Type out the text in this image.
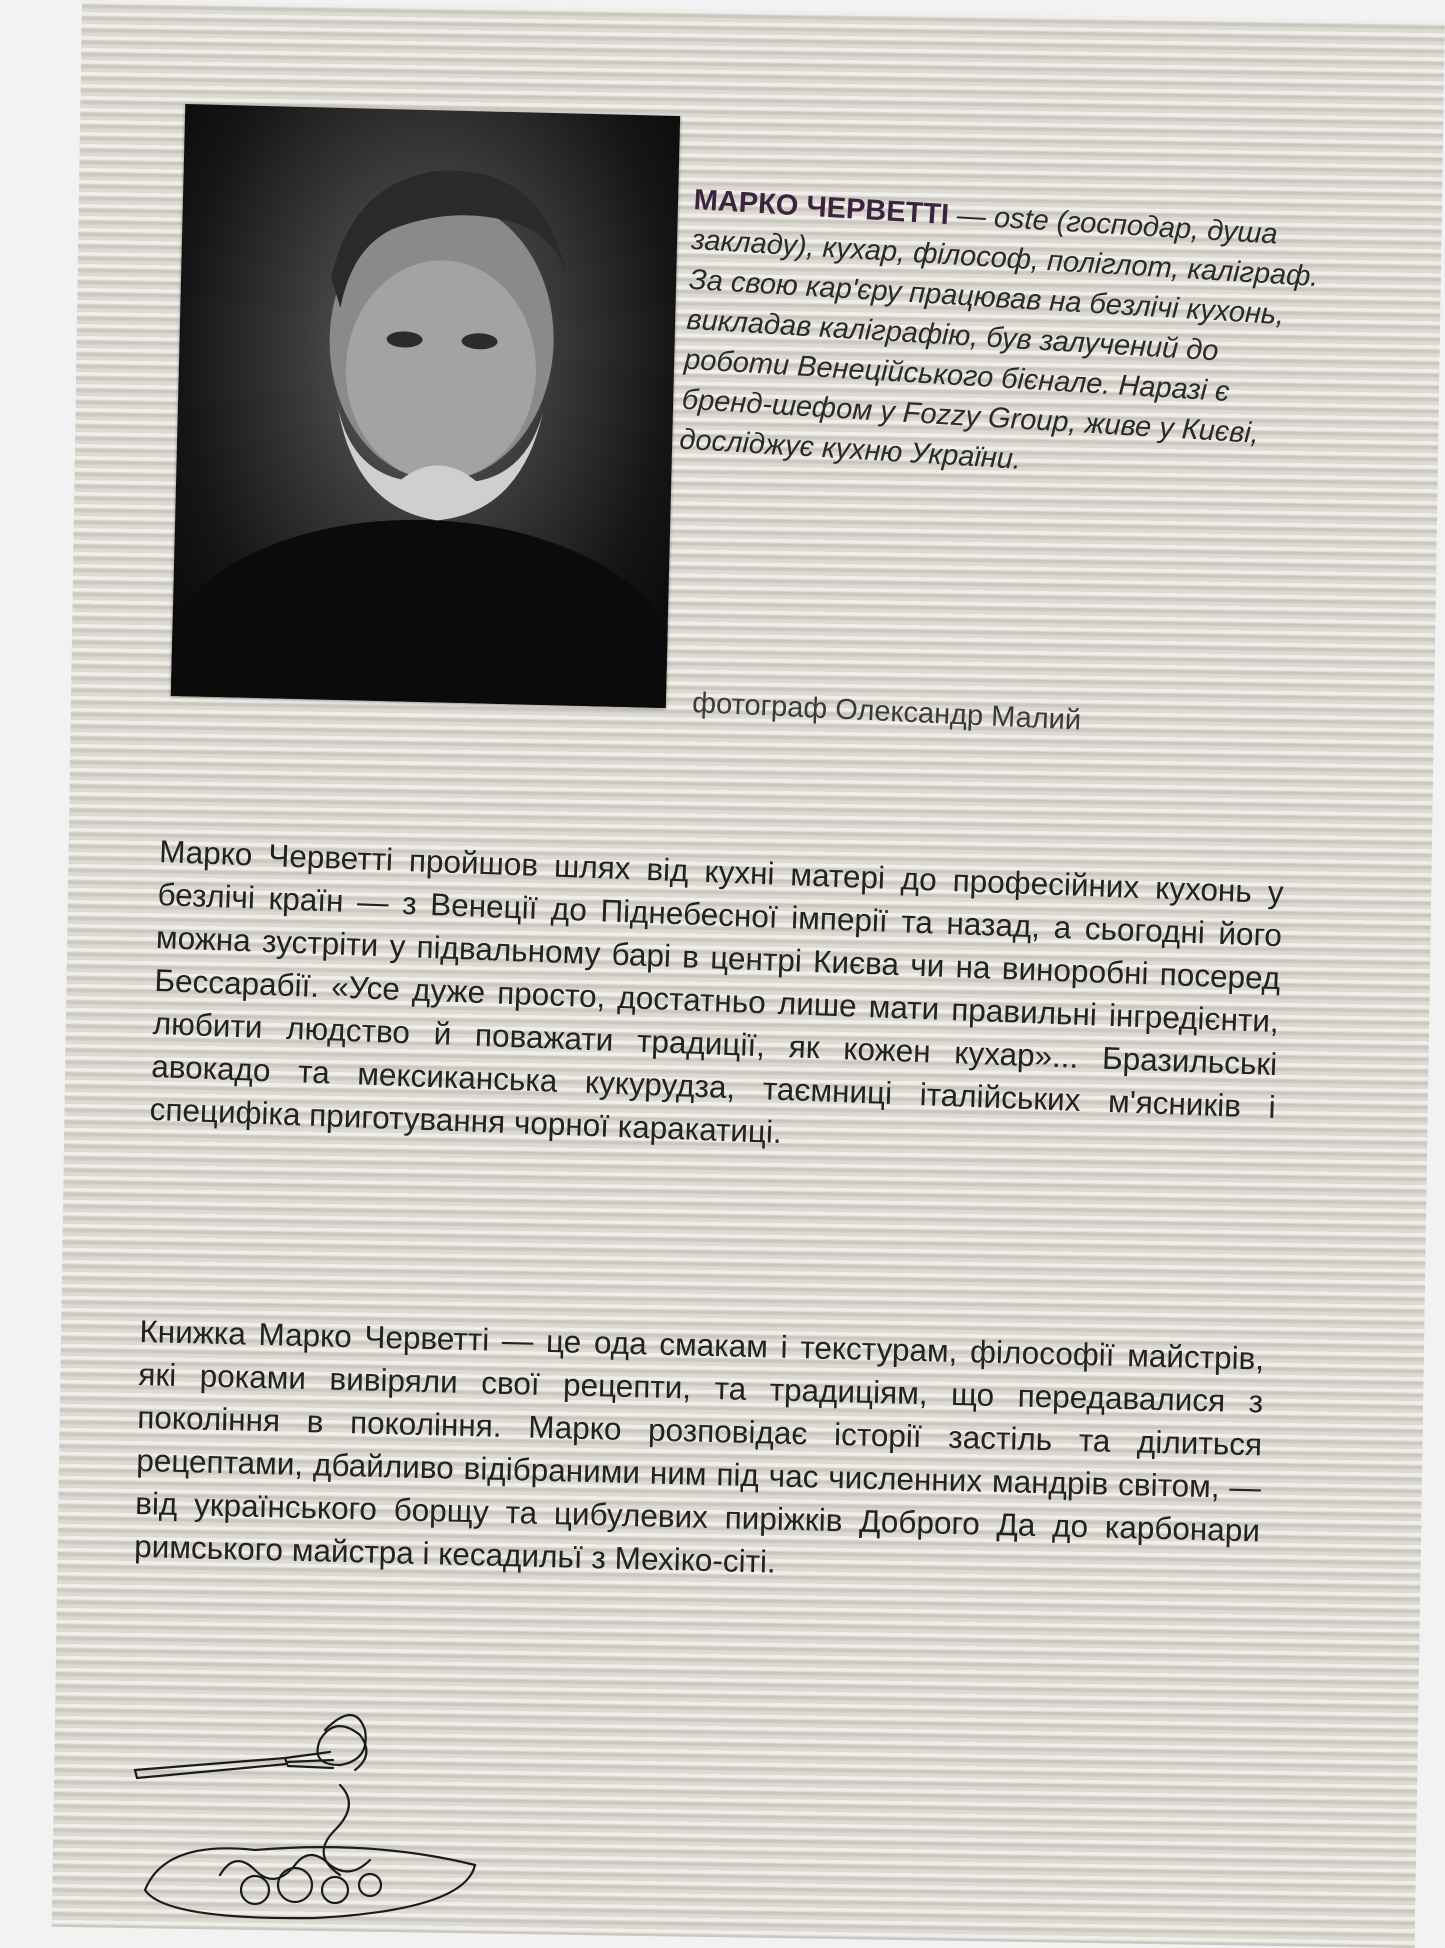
МАРКО ЧЕРВЕТТІ — oste (господар, душа закладу), кухар, філософ, поліглот, каліграф. За свою кар'єру працював на безлічі кухонь, викладав каліграфію, був залучений до роботи Венеційського бієнале. Наразі є бренд-шефом у Fozzy Group, живе у Києві, досліджує кухню України.
фотограф Олександр Малий
Марко Черветті пройшов шлях від кухні матері до професійних кухонь у безлічі країн — з Венеції до Піднебесної імперії та назад, а сьогодні його можна зустріти у підвальному барі в центрі Києва чи на виноробні посеред Бессарабії. «Усе дуже просто, достатньо лише мати правильні інгредієнти, любити людство й поважати традиції, як кожен кухар»... Бразильські авокадо та мексиканська кукурудза, таємниці італійських м'ясників і специфіка приготування чорної каракатиці.
Книжка Марко Черветті — це ода смакам і текстурам, філософії майстрів, які роками вивіряли свої рецепти, та традиціям, що передавалися з покоління в покоління. Марко розповідає історії застіль та ділиться рецептами, дбайливо відібраними ним під час численних мандрів світом, — від українського борщу та цибулевих пиріжків Доброго Да до карбонари римського майстра і кесадильї з Мехіко-сіті.
